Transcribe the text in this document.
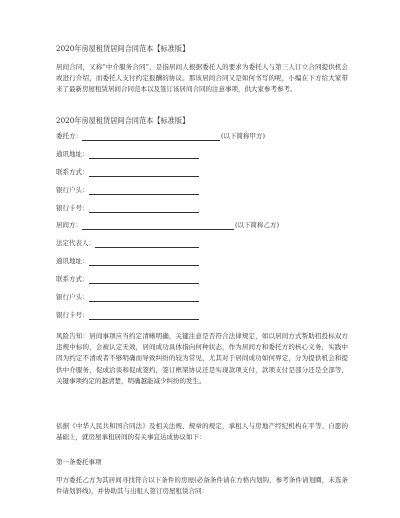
2020年房屋租赁居间合同范本【标准版】
居间合同，又称“中介服务合同”，是指居间人根据委托人的要求为委托人与第三人订立合同提供机会或进行介绍，而委托人支付约定报酬的协议。那该居间合同又是如何书写的呢，小编在下方给大家带来了最新房屋租赁居间合同范本以及签订该居间合同的注意事项，供大家参考参考。
2020年房屋租赁居间合同范本【标准版】
委托方：	(以下简称甲方)
通讯地址：
联系方式：
银行户头：
银行卡号：
居间方：	(以下简称乙方)
法定代表人：
通讯地址：
联系方式：
银行户头：
银行卡号：
风险告知：居间事项应当约定清晰明确，关键注意是否符合法律规定，如以居间方式帮助招投标双方违规中标的，会被认定无效，居间成功具体指向何种状态，作为居间方和委托方的核心义务，实践中因为约定不清或者不够明确而导致纠纷的较为常见，尤其对于居间成功如何界定，分为提供机会和提供中介服务，促成洽谈和促成签约，签订框架协议还是实现款项支付，款项支付是部分还是全部等，关键事项约定的越清楚，明确越能减少纠纷的发生。
依据《中华人民共和国合同法》及相关法规、规章的规定，承租人与房地产经纪机构在平等、自愿的基础上，就房屋承租居间的有关事宜达成协议如下：
第一条委托事项
甲方委托乙方为其居间寻找符合以下条件的房屋(必备条件请在方格内划钩，参考条件请划圈，未选条件请划斜线)，并协助其与出租人签订房屋租赁合同：
